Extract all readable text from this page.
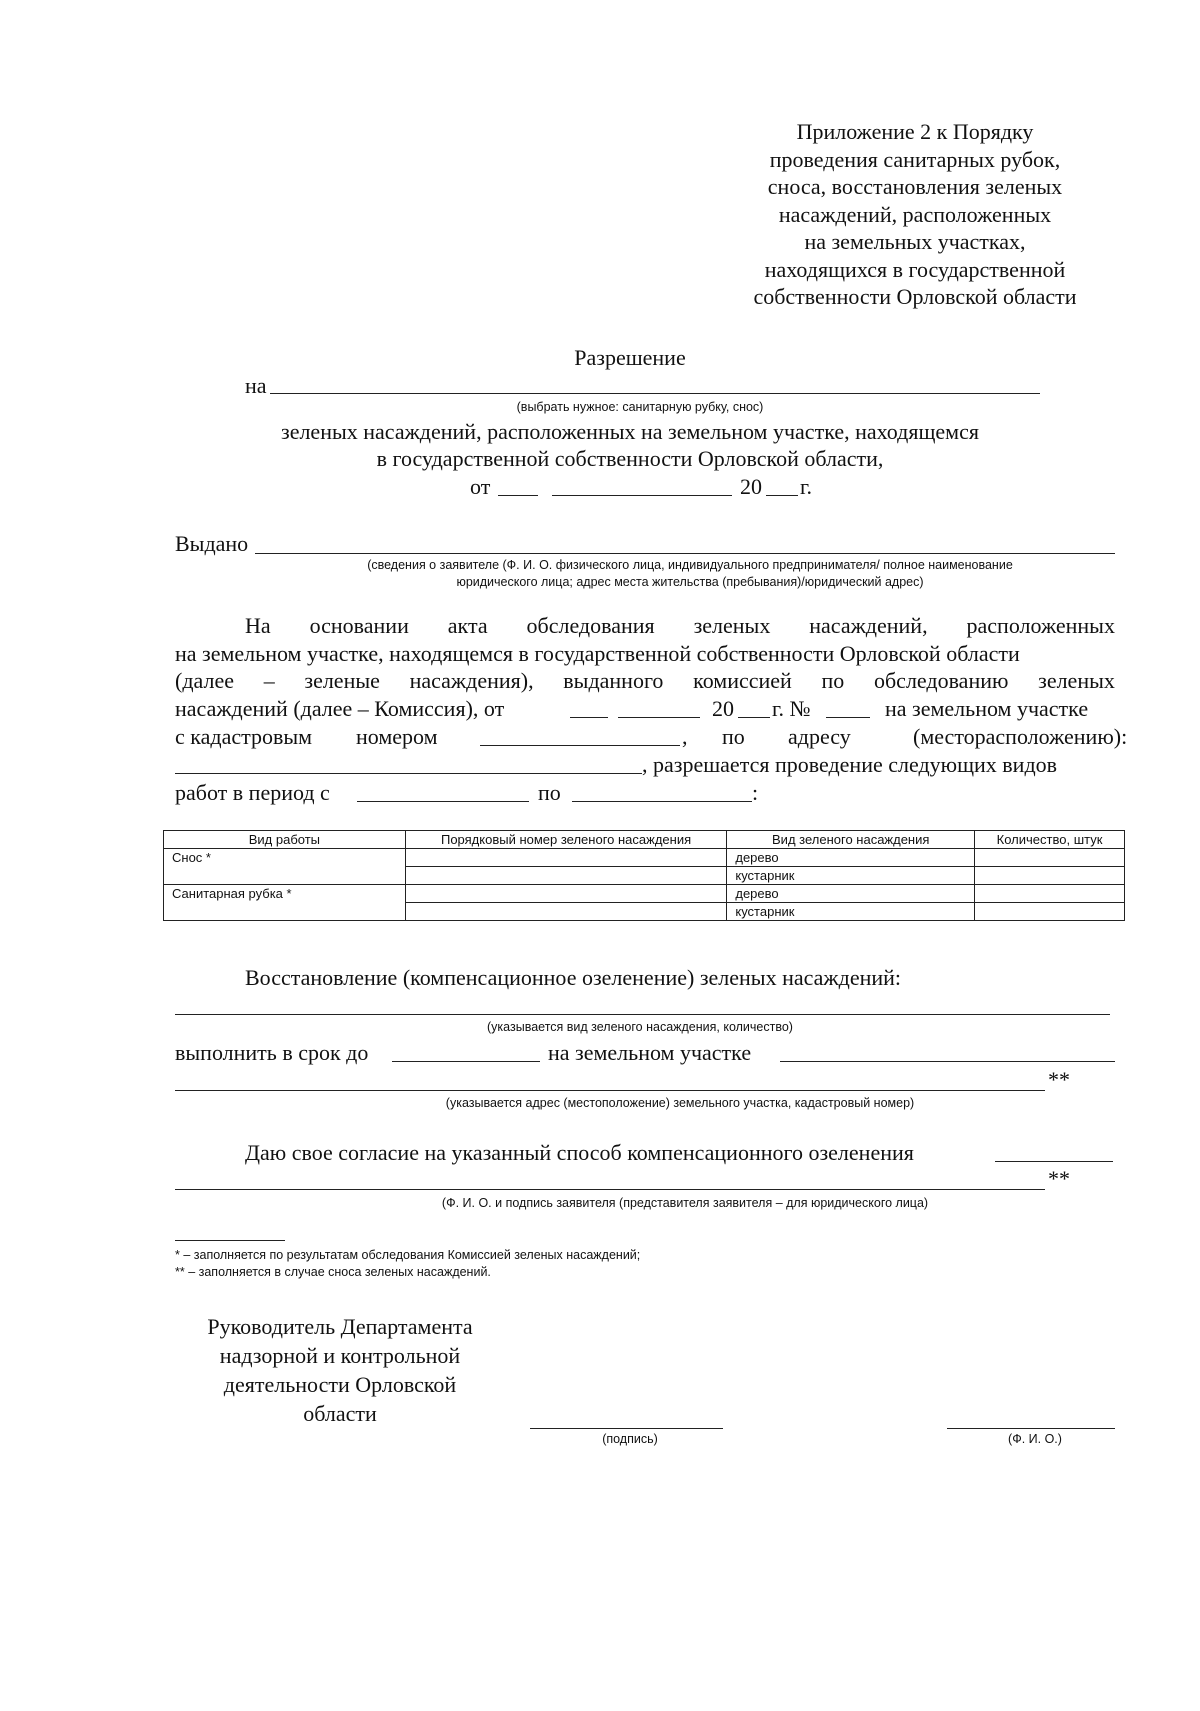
Приложение 2 к Порядку
проведения санитарных рубок,
сноса, восстановления зеленых
насаждений, расположенных
на земельных участках,
находящихся в государственной
собственности Орловской области
Разрешение
на
(выбрать нужное: санитарную рубку, снос)
зеленых насаждений, расположенных на земельном участке, находящемся
в государственной собственности Орловской области,
от	20 г.
Выдано
(сведения о заявителе (Ф. И. О. физического лица, индивидуального предпринимателя/ полное наименование
юридического лица; адрес места жительства (пребывания)/юридический адрес)
На основании акта обследования зеленых насаждений, расположенных
на земельном участке, находящемся в государственной собственности Орловской области
(далее – зеленые насаждения), выданного комиссией по обследованию зеленых
насаждений (далее – Комиссия), от	20 г. №	на земельном участке
с кадастровым номером	, по адресу	(месторасположению):
, разрешается проведение следующих видов
работ в период с	по	:
Вид работы	Порядковый номер зеленого насаждения	Вид зеленого насаждения	Количество, штук
Снос *		дерево	
		кустарник	
Санитарная рубка *		дерево	
		кустарник	
Восстановление (компенсационное озеленение) зеленых насаждений:
(указывается вид зеленого насаждения, количество)
выполнить в срок до	на земельном участке
**
(указывается адрес (местоположение) земельного участка, кадастровый номер)
Даю свое согласие на указанный способ компенсационного озеленения
**
(Ф. И. О. и подпись заявителя (представителя заявителя – для юридического лица)
* – заполняется по результатам обследования Комиссией зеленых насаждений;
** – заполняется в случае сноса зеленых насаждений.
Руководитель Департамента
надзорной и контрольной
деятельности Орловской
области
(подпись)	(Ф. И. О.)
